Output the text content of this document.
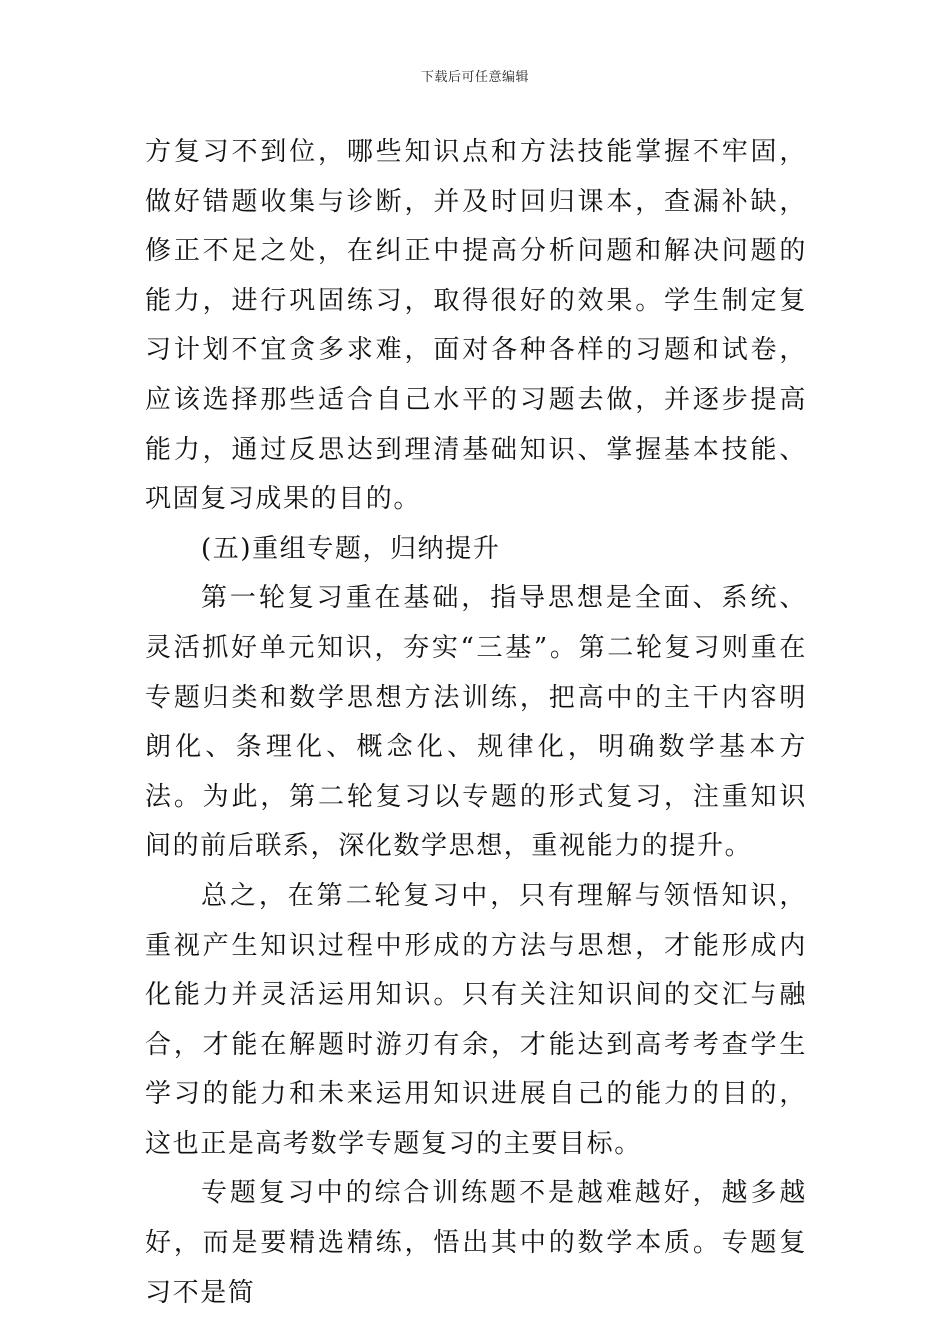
下载后可任意编辑

方复习不到位，哪些知识点和方法技能掌握不牢固，做好错题收集与诊断，并及时回归课本，查漏补缺，修正不足之处，在纠正中提高分析问题和解决问题的能力，进行巩固练习，取得很好的效果。学生制定复习计划不宜贪多求难，面对各种各样的习题和试卷，应该选择那些适合自己水平的习题去做，并逐步提高能力，通过反思达到理清基础知识、掌握基本技能、巩固复习成果的目的。

(五)重组专题，归纳提升

第一轮复习重在基础，指导思想是全面、系统、灵活抓好单元知识，夯实“三基”。第二轮复习则重在专题归类和数学思想方法训练，把高中的主干内容明朗化、条理化、概念化、规律化，明确数学基本方法。为此，第二轮复习以专题的形式复习，注重知识间的前后联系，深化数学思想，重视能力的提升。

总之，在第二轮复习中，只有理解与领悟知识，重视产生知识过程中形成的方法与思想，才能形成内化能力并灵活运用知识。只有关注知识间的交汇与融合，才能在解题时游刃有余，才能达到高考考查学生学习的能力和未来运用知识进展自己的能力的目的，这也正是高考数学专题复习的主要目标。

专题复习中的综合训练题不是越难越好，越多越好，而是要精选精练，悟出其中的数学本质。专题复习不是简
